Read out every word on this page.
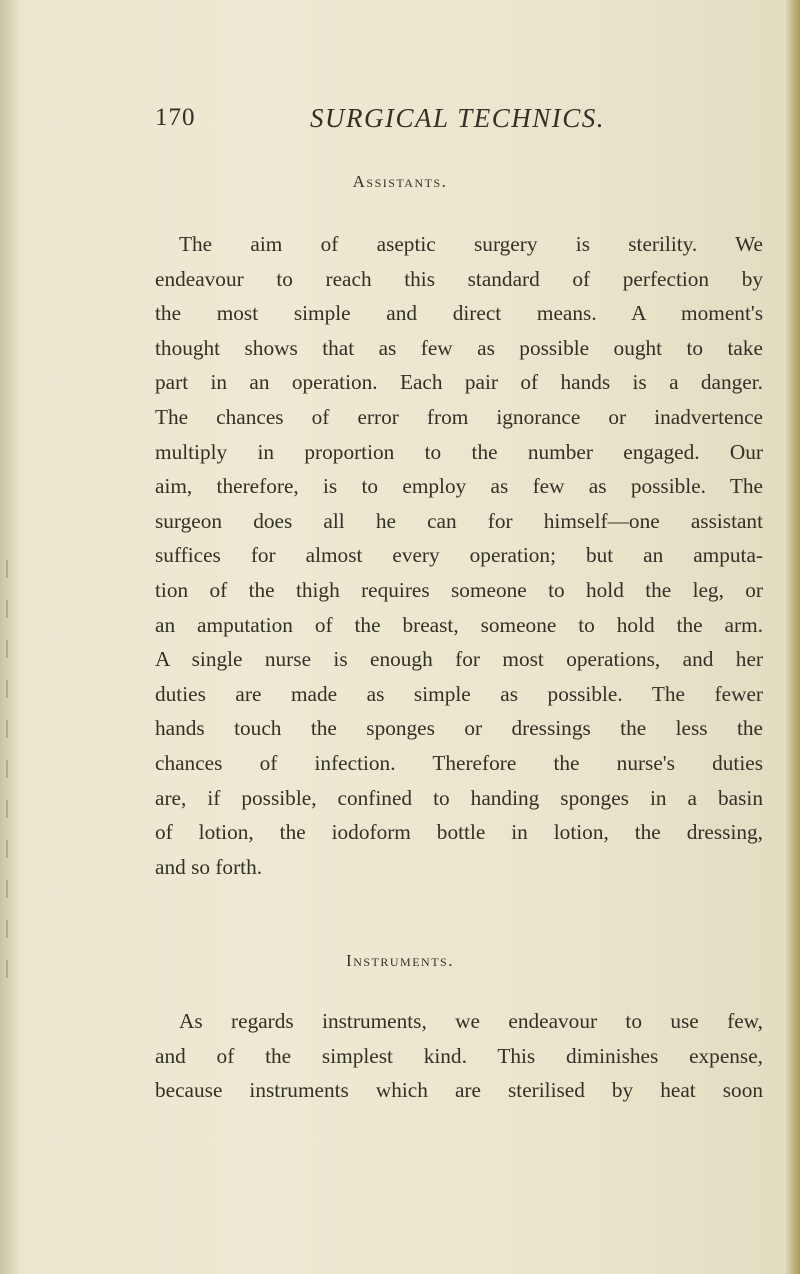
170	SURGICAL TECHNICS.
Assistants.
The aim of aseptic surgery is sterility. We
endeavour to reach this standard of perfection by
the most simple and direct means. A moment's
thought shows that as few as possible ought to take
part in an operation. Each pair of hands is a danger.
The chances of error from ignorance or inadvertence
multiply in proportion to the number engaged. Our
aim, therefore, is to employ as few as possible. The
surgeon does all he can for himself—one assistant
suffices for almost every operation; but an amputa-
tion of the thigh requires someone to hold the leg, or
an amputation of the breast, someone to hold the arm.
A single nurse is enough for most operations, and her
duties are made as simple as possible. The fewer
hands touch the sponges or dressings the less the
chances of infection. Therefore the nurse's duties
are, if possible, confined to handing sponges in a basin
of lotion, the iodoform bottle in lotion, the dressing,
and so forth.
Instruments.
As regards instruments, we endeavour to use few,
and of the simplest kind. This diminishes expense,
because instruments which are sterilised by heat soon
